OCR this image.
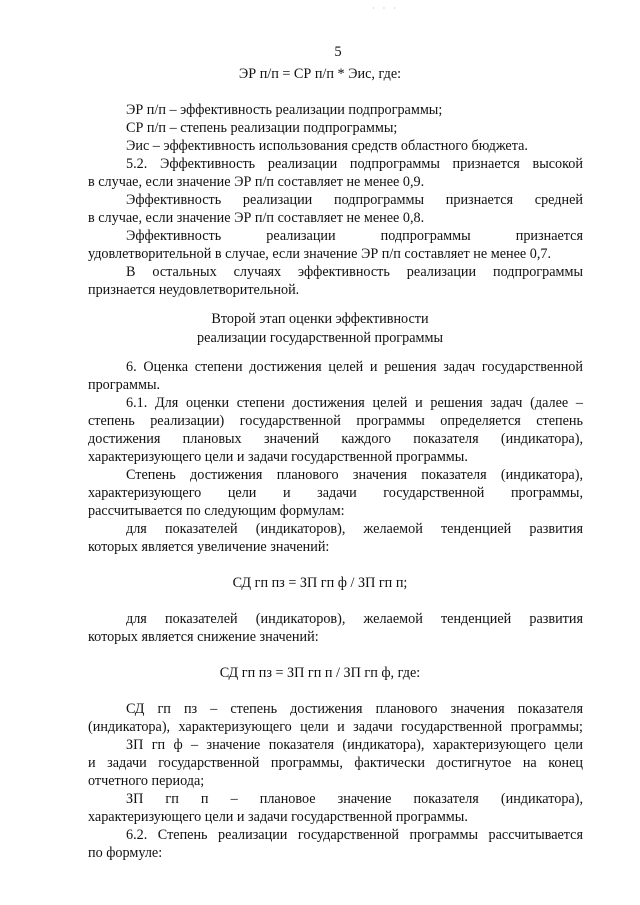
· · ·
5

ЭР п/п = СР п/п * Эис, где:

ЭР п/п – эффективность реализации подпрограммы;

СР п/п – степень реализации подпрограммы;

Эис – эффективность использования средств областного бюджета.

5.2. Эффективность реализации подпрограммы признается высокой

в случае, если значение ЭР п/п составляет не менее 0,9.

Эффективность реализации подпрограммы признается средней

в случае, если значение ЭР п/п составляет не менее 0,8.

Эффективность реализации подпрограммы признается

удовлетворительной в случае, если значение ЭР п/п составляет не менее 0,7.

В остальных случаях эффективность реализации подпрограммы

признается неудовлетворительной.

Второй этап оценки эффективности

реализации государственной программы

6. Оценка степени достижения целей и решения задач государственной

программы.

6.1. Для оценки степени достижения целей и решения задач (далее –

степень реализации) государственной программы определяется степень

достижения плановых значений каждого показателя (индикатора),

характеризующего цели и задачи государственной программы.

Степень достижения планового значения показателя (индикатора),

характеризующего цели и задачи государственной программы,

рассчитывается по следующим формулам:

для показателей (индикаторов), желаемой тенденцией развития

которых является увеличение значений:

СД гп пз = ЗП гп ф / ЗП гп п;

для показателей (индикаторов), желаемой тенденцией развития

которых является снижение значений:

СД гп пз = ЗП гп п / ЗП гп ф, где:

СД гп пз – степень достижения планового значения показателя

(индикатора), характеризующего цели и задачи государственной программы;

ЗП гп ф – значение показателя (индикатора), характеризующего цели

и задачи государственной программы, фактически достигнутое на конец

отчетного периода;

ЗП гп п – плановое значение показателя (индикатора),

характеризующего цели и задачи государственной программы.

6.2. Степень реализации государственной программы рассчитывается

по формуле:
